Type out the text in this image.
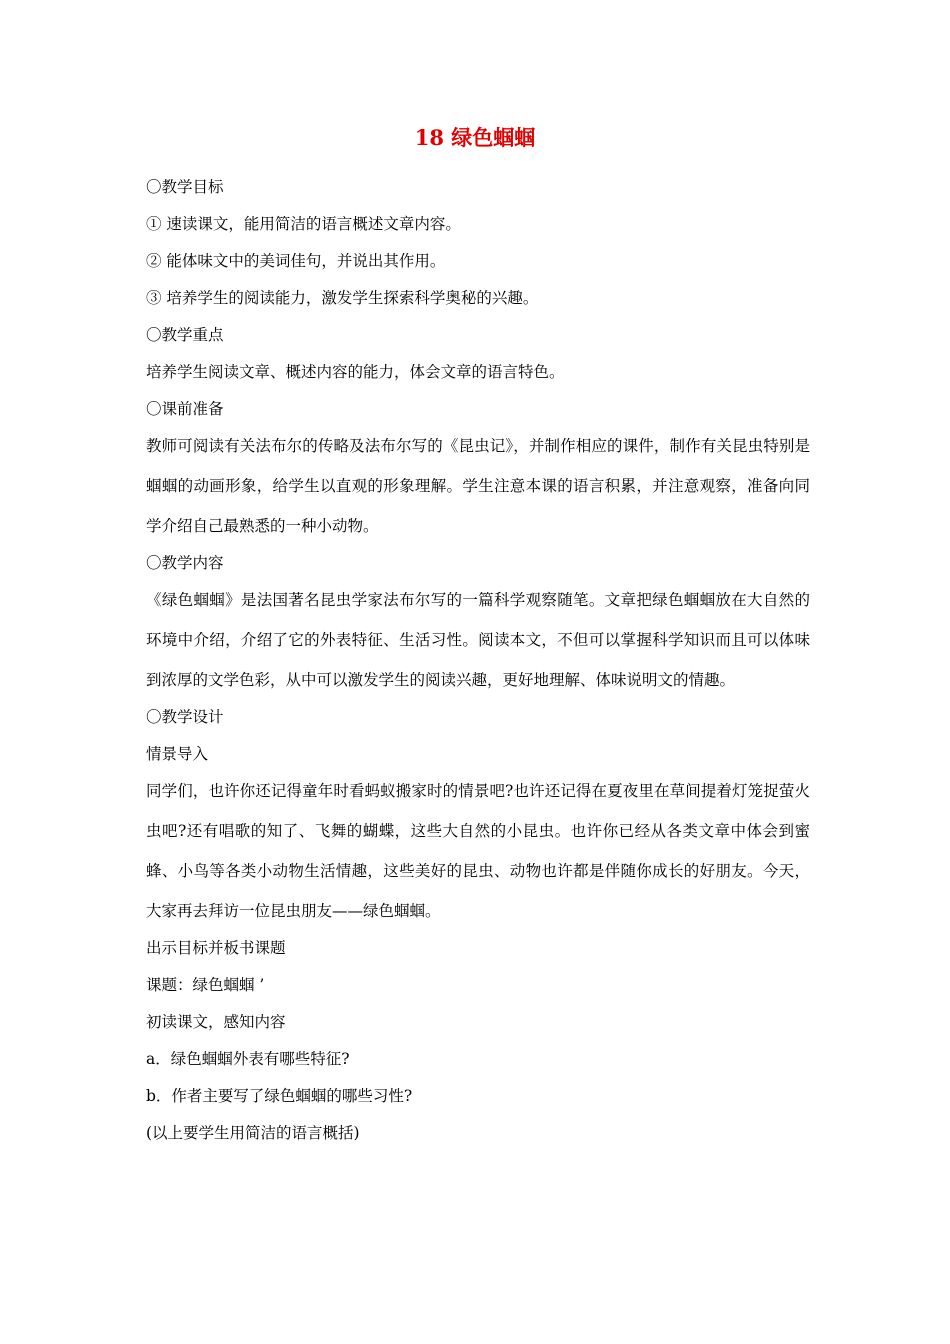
18 绿色蝈蝈
〇教学目标
① 速读课文，能用简洁的语言概述文章内容。
② 能体味文中的美词佳句，并说出其作用。
③ 培养学生的阅读能力，激发学生探索科学奥秘的兴趣。
〇教学重点
培养学生阅读文章、概述内容的能力，体会文章的语言特色。
〇课前准备
教师可阅读有关法布尔的传略及法布尔写的《昆虫记》，并制作相应的课件，制作有关昆虫特别是蝈蝈的动画形象，给学生以直观的形象理解。学生注意本课的语言积累，并注意观察，准备向同学介绍自己最熟悉的一种小动物。
〇教学内容
《绿色蝈蝈》是法国著名昆虫学家法布尔写的一篇科学观察随笔。文章把绿色蝈蝈放在大自然的环境中介绍，介绍了它的外表特征、生活习性。阅读本文，不但可以掌握科学知识而且可以体味到浓厚的文学色彩，从中可以激发学生的阅读兴趣，更好地理解、体味说明文的情趣。
〇教学设计
情景导入
同学们，也许你还记得童年时看蚂蚁搬家时的情景吧?也许还记得在夏夜里在草间提着灯笼捉萤火虫吧?还有唱歌的知了、飞舞的蝴蝶，这些大自然的小昆虫。也许你已经从各类文章中体会到蜜蜂、小鸟等各类小动物生活情趣，这些美好的昆虫、动物也许都是伴随你成长的好朋友。今天，大家再去拜访一位昆虫朋友——绿色蝈蝈。
出示目标并板书课题
课题：绿色蝈蝈 ’
初读课文，感知内容
a．绿色蝈蝈外表有哪些特征?
b．作者主要写了绿色蝈蝈的哪些习性?
(以上要学生用简洁的语言概括)
